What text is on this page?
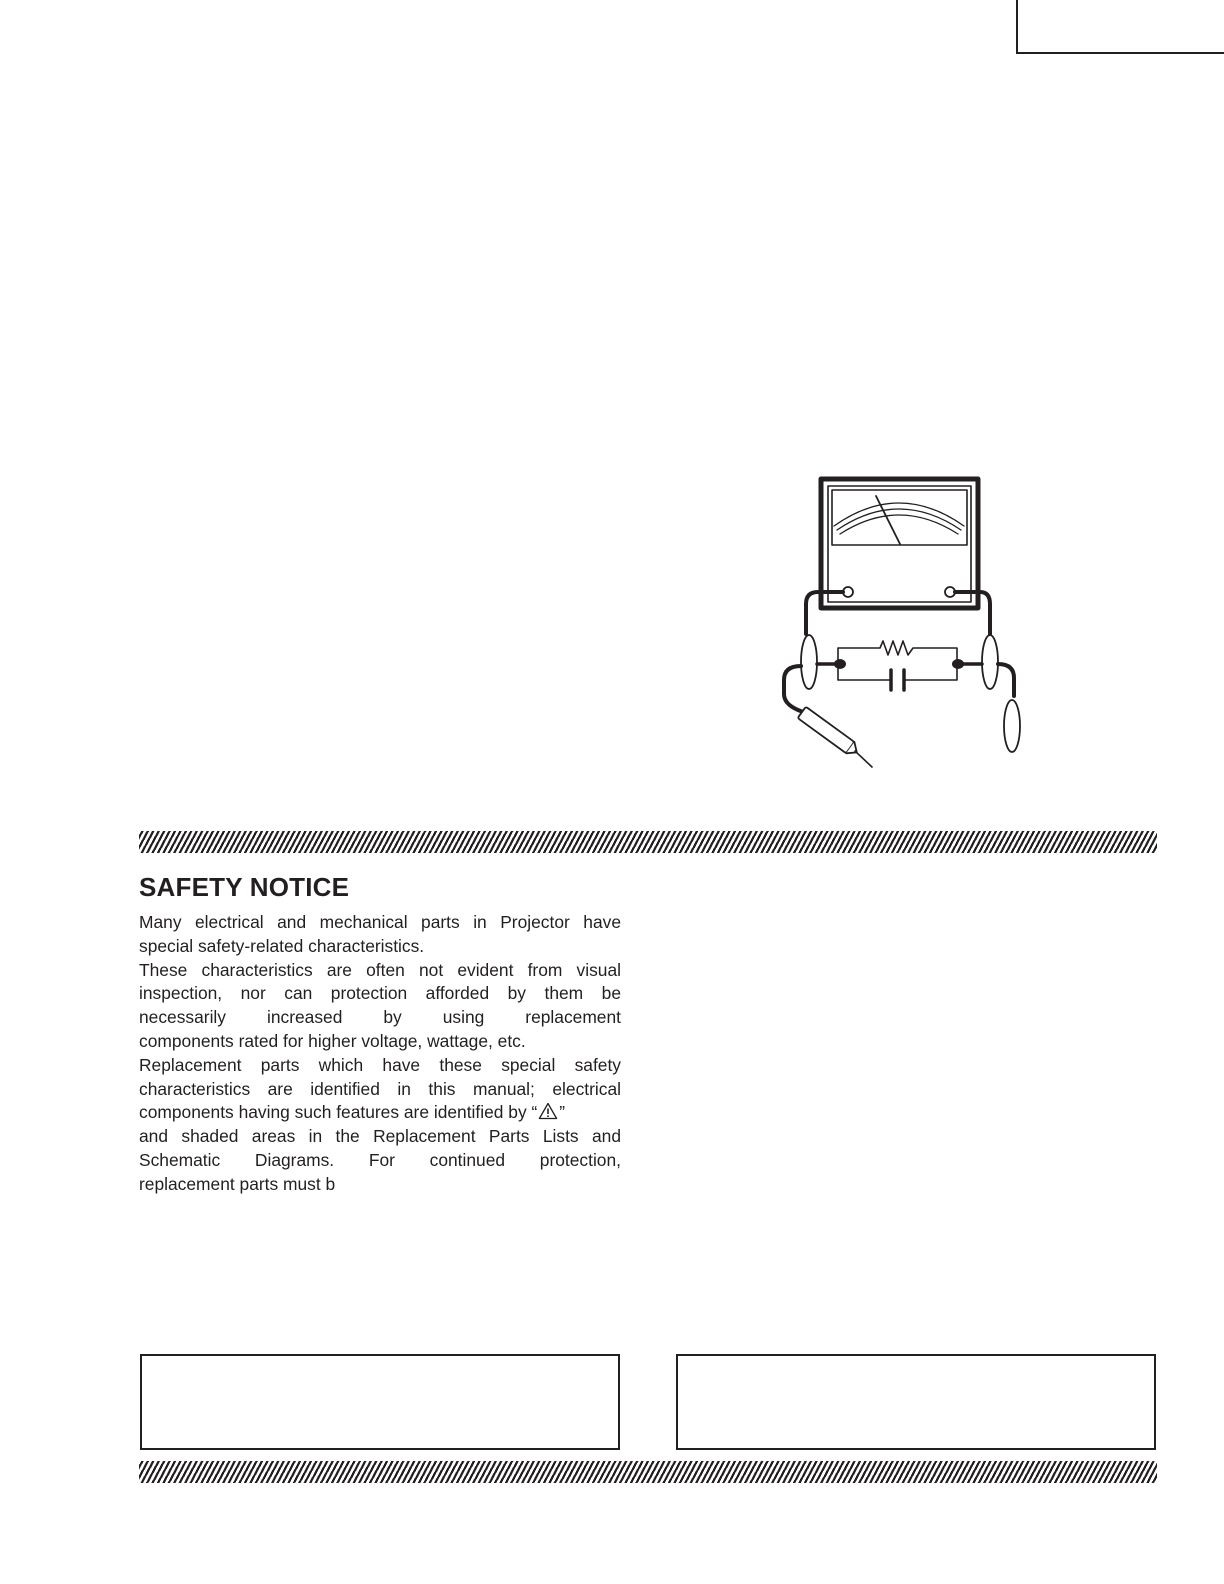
SAFETY NOTICE
Many electrical and mechanical parts in Projector have
special safety-related characteristics.
These characteristics are often not evident from visual
inspection, nor can protection afforded by them be
necessarily increased by using replacement
components rated for higher voltage, wattage, etc.
Replacement parts which have these special safety
characteristics are identified in this manual; electrical
components having such features are identified by “ ”
and shaded areas in the Replacement Parts Lists and
Schematic Diagrams. For continued protection,
replacement parts must b
